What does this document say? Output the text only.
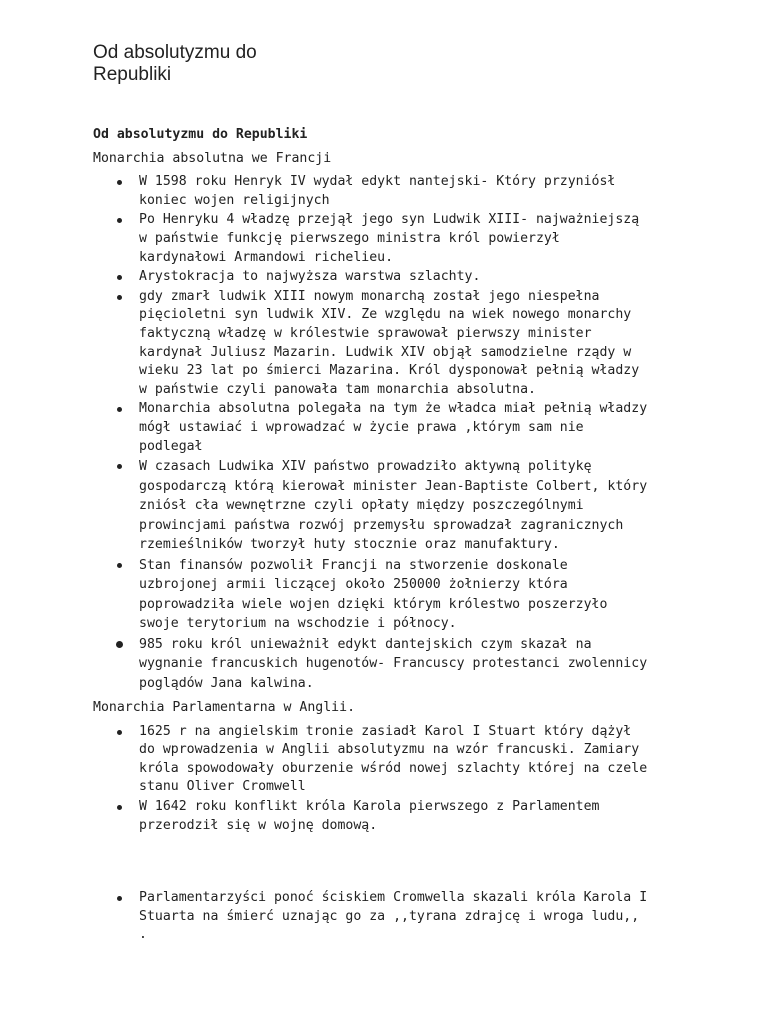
Od absolutyzmu do
Republiki
Od absolutyzmu do Republiki
Monarchia absolutna we Francji
W 1598 roku Henryk IV wydał edykt nantejski- Który przyniósł koniec wojen religijnych
Po Henryku 4 władzę przejął jego syn Ludwik XIII- najważniejszą w państwie funkcję pierwszego ministra król powierzył kardynałowi Armandowi richelieu.
Arystokracja to najwyższa warstwa szlachty.
gdy zmarł ludwik XIII nowym monarchą został jego niespełna pięcioletni syn ludwik XIV. Ze względu na wiek nowego monarchy faktyczną władzę w królestwie sprawował pierwszy minister kardynał Juliusz Mazarin. Ludwik XIV objął samodzielne rządy w wieku 23 lat po śmierci Mazarina. Król dysponował pełnią władzy w państwie czyli panowała tam monarchia absolutna.
Monarchia absolutna polegała na tym że władca miał pełnią władzy mógł ustawiać i wprowadzać w życie prawa ,którym sam nie podlegał
W czasach Ludwika XIV państwo prowadziło aktywną politykę gospodarczą którą kierował minister Jean-Baptiste Colbert, który zniósł cła wewnętrzne czyli opłaty między poszczególnymi prowincjami państwa rozwój przemysłu sprowadzał zagranicznych rzemieślników tworzył huty stocznie oraz manufaktury.
Stan finansów pozwolił Francji na stworzenie doskonale uzbrojonej armii liczącej około 250000 żołnierzy która poprowadziła wiele wojen dzięki którym królestwo poszerzyło swoje terytorium na wschodzie i północy.
985 roku król unieważnił edykt dantejskich czym skazał na wygnanie francuskich hugenotów- Francuscy protestanci zwolennicy poglądów Jana kalwina.
Monarchia Parlamentarna w Anglii.
1625 r na angielskim tronie zasiadł Karol I Stuart który dążył do wprowadzenia w Anglii absolutyzmu na wzór francuski. Zamiary króla spowodowały oburzenie wśród nowej szlachty której na czele stanu Oliver Cromwell
W 1642 roku konflikt króla Karola pierwszego z Parlamentem przerodził się w wojnę domową.
Parlamentarzyści ponoć ściskiem Cromwella skazali króla Karola I Stuarta na śmierć uznając go za ,,tyrana zdrajcę i wroga ludu,, .
